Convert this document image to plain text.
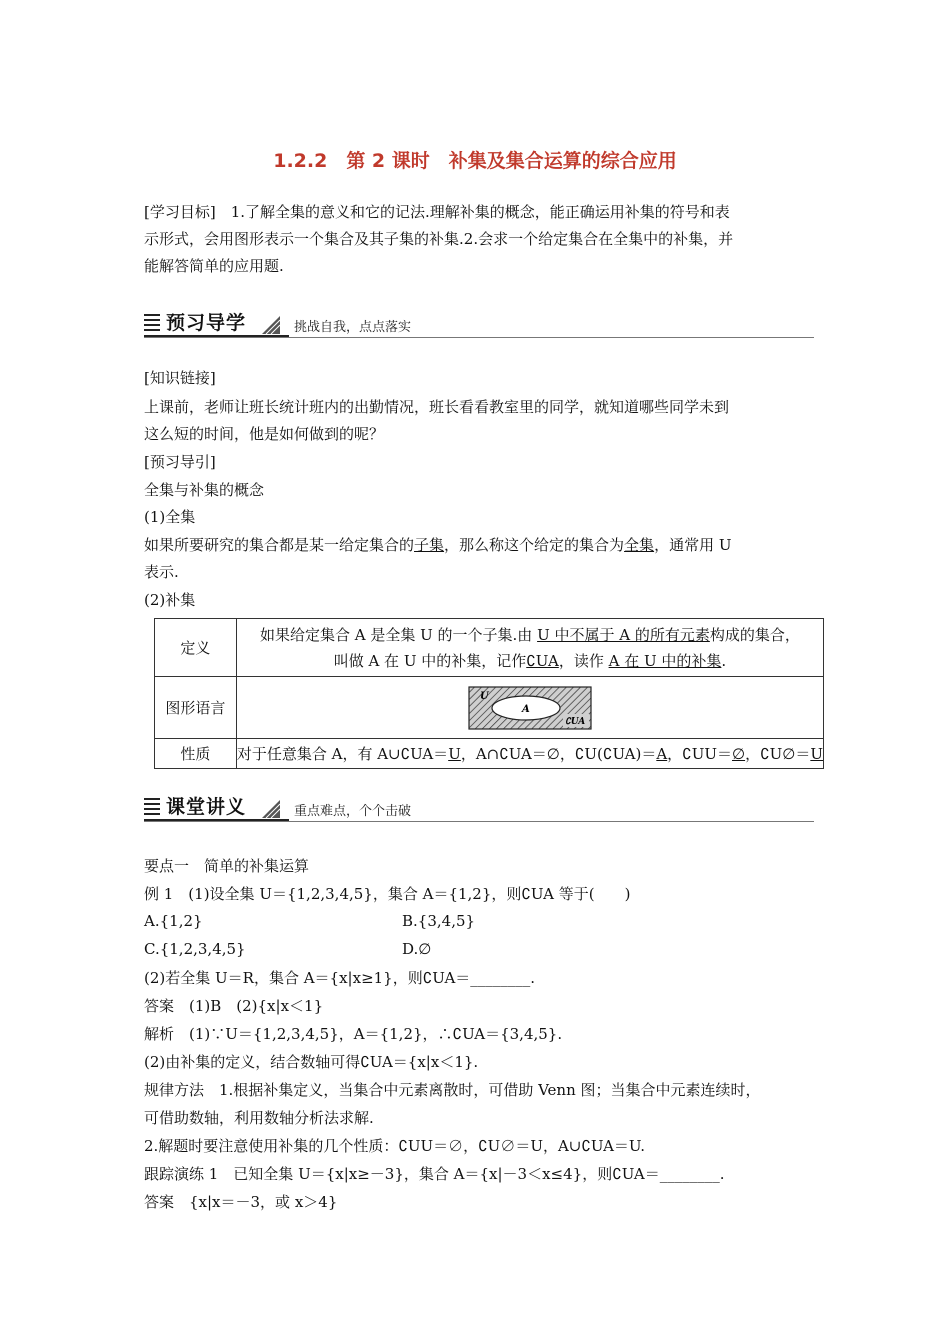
1.2.2　第 2 课时　补集及集合运算的综合应用
[学习目标]　1.了解全集的意义和它的记法.理解补集的概念，能正确运用补集的符号和表
示形式，会用图形表示一个集合及其子集的补集.2.会求一个给定集合在全集中的补集，并
能解答简单的应用题.
预习导学	挑战自我，点点落实
[知识链接]
上课前，老师让班长统计班内的出勤情况，班长看看教室里的同学，就知道哪些同学未到
这么短的时间，他是如何做到的呢？
[预习导引]
全集与补集的概念
(1)全集
如果所要研究的集合都是某一给定集合的子集，那么称这个给定的集合为全集，通常用 U
表示.
(2)补集
定义	如果给定集合 A 是全集 U 的一个子集.由 U 中不属于 A 的所有元素构成的集合，
叫做 A 在 U 中的补集，记作∁UA，读作 A 在 U 中的补集.

图形语言	U
A
∁UA

性质	对于任意集合 A，有 A∪∁UA＝U，A∩∁UA＝∅，∁U(∁UA)＝A，∁UU＝∅，∁U∅＝U
课堂讲义	重点难点，个个击破
要点一　简单的补集运算
例 1　(1)设全集 U＝{1,2,3,4,5}，集合 A＝{1,2}，则∁UA 等于(　　)
A.{1,2}	B.{3,4,5}
C.{1,2,3,4,5}	D.∅
(2)若全集 U＝R，集合 A＝{x|x≥1}，则∁UA＝________.
答案　(1)B　(2){x|x＜1}
解析　(1)∵U＝{1,2,3,4,5}，A＝{1,2}，∴∁UA＝{3,4,5}.
(2)由补集的定义，结合数轴可得∁UA＝{x|x＜1}.
规律方法　1.根据补集定义，当集合中元素离散时，可借助 Venn 图；当集合中元素连续时，
可借助数轴，利用数轴分析法求解.
2.解题时要注意使用补集的几个性质：∁UU＝∅，∁U∅＝U，A∪∁UA＝U.
跟踪演练 1　已知全集 U＝{x|x≥－3}，集合 A＝{x|－3＜x≤4}，则∁UA＝________.
答案　{x|x＝－3，或 x＞4}
